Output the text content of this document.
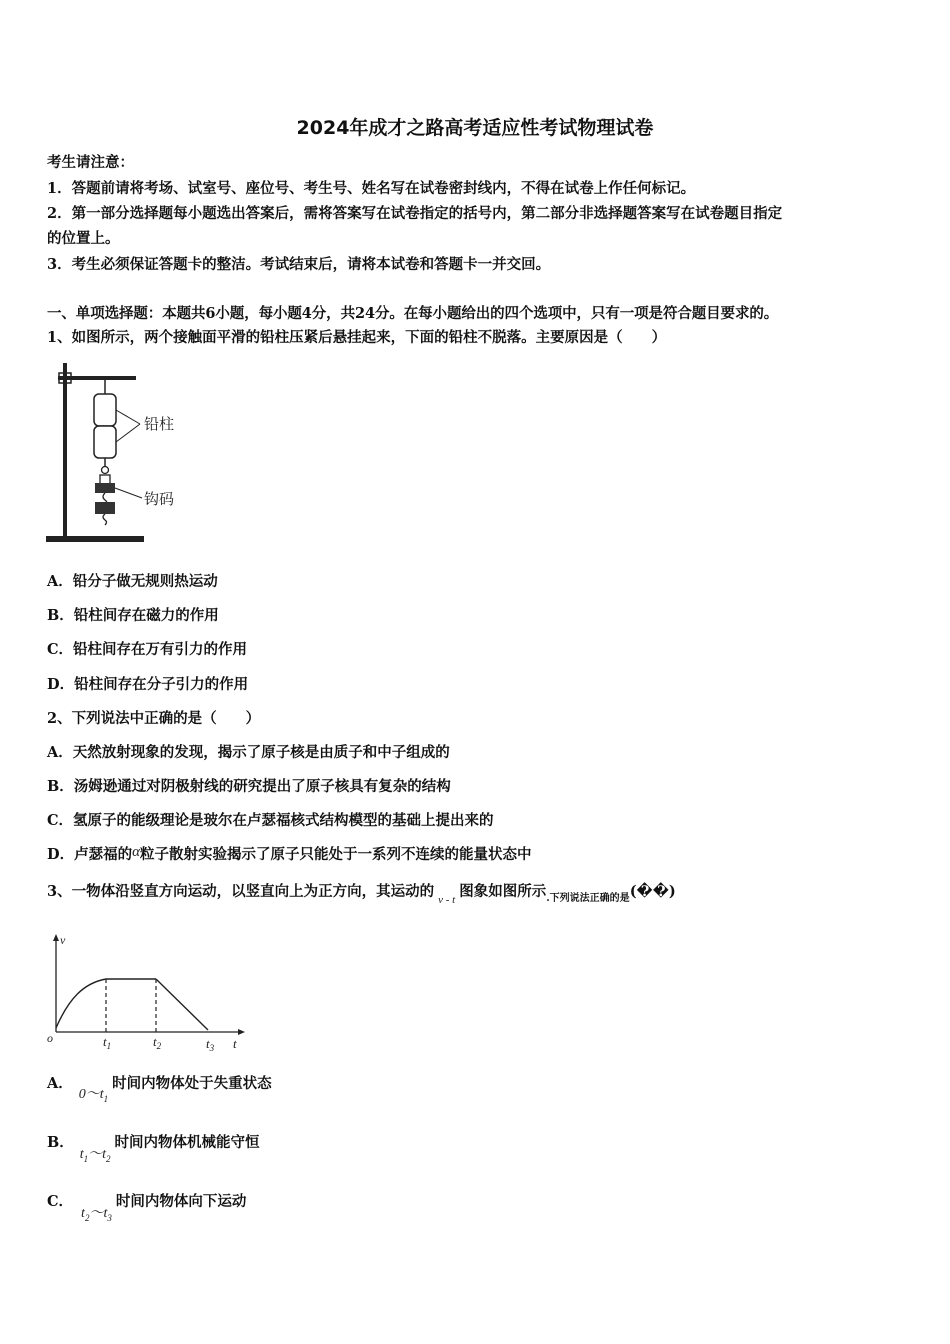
2024年成才之路高考适应性考试物理试卷
考生请注意：
1．答题前请将考场、试室号、座位号、考生号、姓名写在试卷密封线内，不得在试卷上作任何标记。
2．第一部分选择题每小题选出答案后，需将答案写在试卷指定的括号内，第二部分非选择题答案写在试卷题目指定
的位置上。
3．考生必须保证答题卡的整洁。考试结束后，请将本试卷和答题卡一并交回。
一、单项选择题：本题共6小题，每小题4分，共24分。在每小题给出的四个选项中，只有一项是符合题目要求的。
1、如图所示，两个接触面平滑的铅柱压紧后悬挂起来，下面的铅柱不脱落。主要原因是（　　）
铅柱
钩码
A．铅分子做无规则热运动
B．铅柱间存在磁力的作用
C．铅柱间存在万有引力的作用
D．铅柱间存在分子引力的作用
2、下列说法中正确的是（　　）
A．天然放射现象的发现，揭示了原子核是由质子和中子组成的
B．汤姆逊通过对阴极射线的研究提出了原子核具有复杂的结构
C．氢原子的能级理论是玻尔在卢瑟福核式结构模型的基础上提出来的
D．卢瑟福的α粒子散射实验揭示了原子只能处于一系列不连续的能量状态中
3、一物体沿竖直方向运动，以竖直向上为正方向，其运动的 $_{v - t}$ 图象如图所示$_{.下列说法正确的是}$(��)
v
o	$t_1$	$t_2$	$t_3$ t
A．$0\sim t_1$时间内物体处于失重状态
B．$t_1\sim t_2$时间内物体机械能守恒
C．$t_2\sim t_3$时间内物体向下运动
